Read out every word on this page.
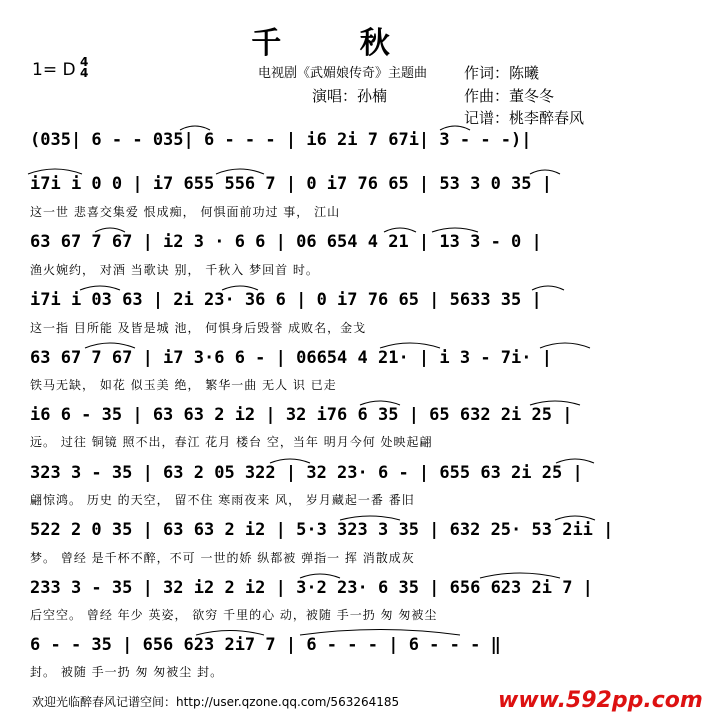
千 秋
1= D 4
4	电视剧《武媚娘传奇》主题曲
演唱：孙楠
作词：陈曦
作曲：董冬冬
记谱：桃李醉春风
(035| 6 - - 035| 6 - - - | i6 2i 7 67i| 3 - - -)|
i7i i 0 0 | i7 655 556 7 | 0 i7 76 65 | 53 3 0 35 |
这一世 悲喜交集爱 恨成痴， 何惧面前功过 事， 江山
63 67 7 67 | i2 3 · 6 6 | 06 654 4 21 | 13 3 - 0 |
渔火婉约， 对酒 当歌诀 别， 千秋入 梦回首 时。
i7i i 03 63 | 2i 23· 36 6 | 0 i7 76 65 | 5633 35 |
这一指 目所能 及皆是城 池， 何惧身后毁誉 成败名，金戈
63 67 7 67 | i7 3·6 6 - | 06654 4 21· | i 3 - 7i· |
铁马无缺， 如花 似玉美 绝， 繁华一曲 无人 识 已走
i6 6 - 35 | 63 63 2 i2 | 32 i76 6 35 | 65 632 2i 25 |
远。 过往 铜镜 照不出，春江 花月 楼台 空，当年 明月今何 处映起翩
323 3 - 35 | 63 2 05 322 | 32 23· 6 - | 655 63 2i 25 |
翩惊鸿。 历史 的天空， 留不住 寒雨夜来 风， 岁月藏起一番 番旧
522 2 0 35 | 63 63 2 i2 | 5·3 323 3 35 | 632 25· 53 2ii |
梦。 曾经 是千杯不醉，不可 一世的娇 纵都被 弹指一 挥 消散成灰
233 3 - 35 | 32 i2 2 i2 | 3·2 23· 6 35 | 656 623 2i 7 |
后空空。 曾经 年少 英姿， 欲穷 千里的心 动，被随 手一扔 匆 匆被尘
6 - - 35 | 656 623 2i7 7 | 6 - - - | 6 - - - ‖
封。 被随 手一扔 匆 匆被尘 封。
欢迎光临醉春风记谱空间：http://user.qzone.qq.com/563264185	www.592pp.com
